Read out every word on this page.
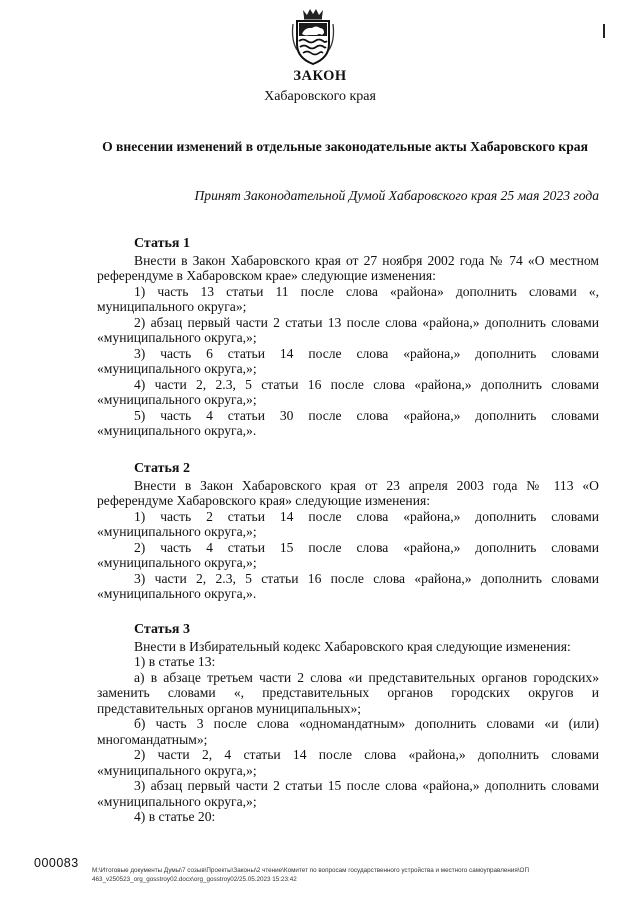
ЗАКОН
Хабаровского края
О внесении изменений в отдельные законодательные акты Хабаровского края
Принят Законодательной Думой Хабаровского края 25 мая 2023 года

Статья 1

Внести в Закон Хабаровского края от 27 ноября 2002 года № 74 «О местном референдуме в Хабаровском крае» следующие изменения:

1) часть 13 статьи 11 после слова «района» дополнить словами «, муниципального округа»;

2) абзац первый части 2 статьи 13 после слова «района,» дополнить словами «муниципального округа,»;

3) часть 6 статьи 14 после слова «района,» дополнить словами «муниципального округа,»;

4) части 2, 2.3, 5 статьи 16 после слова «района,» дополнить словами «муниципального округа,»;

5) часть 4 статьи 30 после слова «района,» дополнить словами «муниципального округа,».

Статья 2

Внести в Закон Хабаровского края от 23 апреля 2003 года № 113 «О референдуме Хабаровского края» следующие изменения:

1) часть 2 статьи 14 после слова «района,» дополнить словами «муниципального округа,»;

2) часть 4 статьи 15 после слова «района,» дополнить словами «муниципального округа,»;

3) части 2, 2.3, 5 статьи 16 после слова «района,» дополнить словами «муниципального округа,».

Статья 3

Внести в Избирательный кодекс Хабаровского края следующие изменения:

1) в статье 13:

а) в абзаце третьем части 2 слова «и представительных органов городских» заменить словами «, представительных органов городских округов и представительных органов муниципальных»;

б) часть 3 после слова «одномандатным» дополнить словами «и (или) многомандатным»;

2) части 2, 4 статьи 14 после слова «района,» дополнить словами «муниципального округа,»;

3) абзац первый части 2 статьи 15 после слова «района,» дополнить словами «муниципального округа,»;

4) в статье 20:

000083
M:\Итоговые документы Думы\7 созыв\Проекты\Законы\2 чтение\Комитет по вопросам государственного устройства и местного самоуправления\ОП
463_v250523_org_gosstroy02.docx\org_gosstroy02/25.05.2023 15:23:42
